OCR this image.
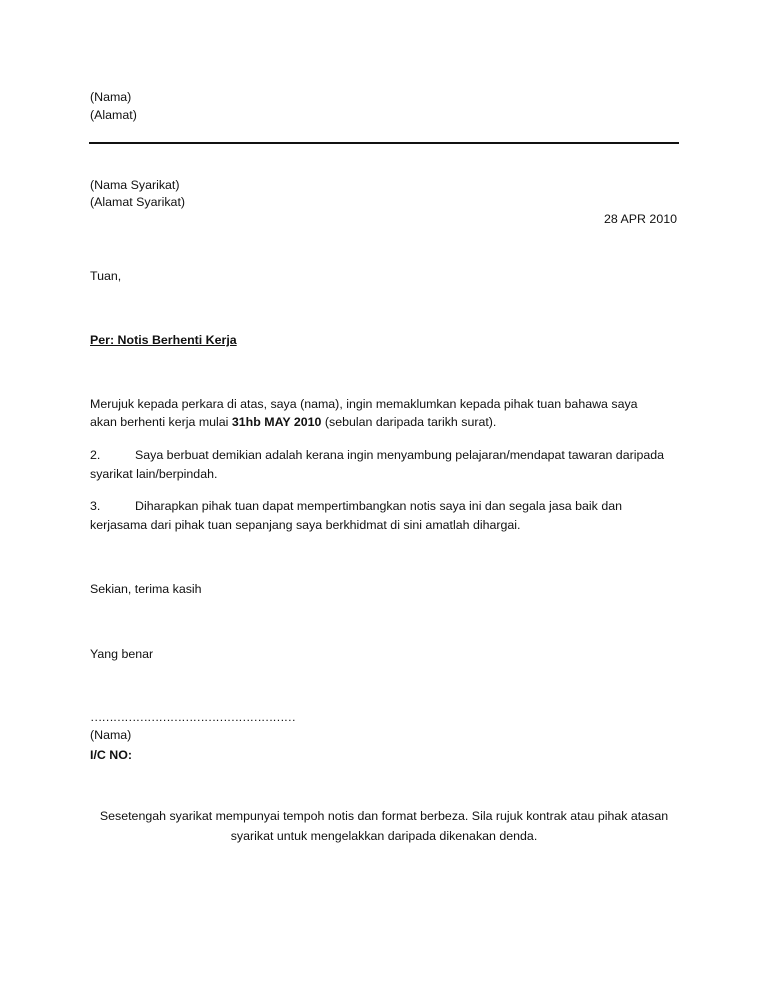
(Nama)
(Alamat)
(Nama Syarikat)
(Alamat Syarikat)
28 APR 2010
Tuan,
Per: Notis Berhenti Kerja
Merujuk kepada perkara di atas, saya (nama), ingin memaklumkan kepada pihak tuan bahawa saya
akan berhenti kerja mulai 31hb MAY 2010 (sebulan daripada tarikh surat).
2.	Saya berbuat demikian adalah kerana ingin menyambung pelajaran/mendapat tawaran daripada
syarikat lain/berpindah.
3.	Diharapkan pihak tuan dapat mempertimbangkan notis saya ini dan segala jasa baik dan
kerjasama dari pihak tuan sepanjang saya berkhidmat di sini amatlah dihargai.
Sekian, terima kasih
Yang benar
………………………………………………
(Nama)
I/C NO:
Sesetengah syarikat mempunyai tempoh notis dan format berbeza. Sila rujuk kontrak atau pihak atasan
syarikat untuk mengelakkan daripada dikenakan denda.
